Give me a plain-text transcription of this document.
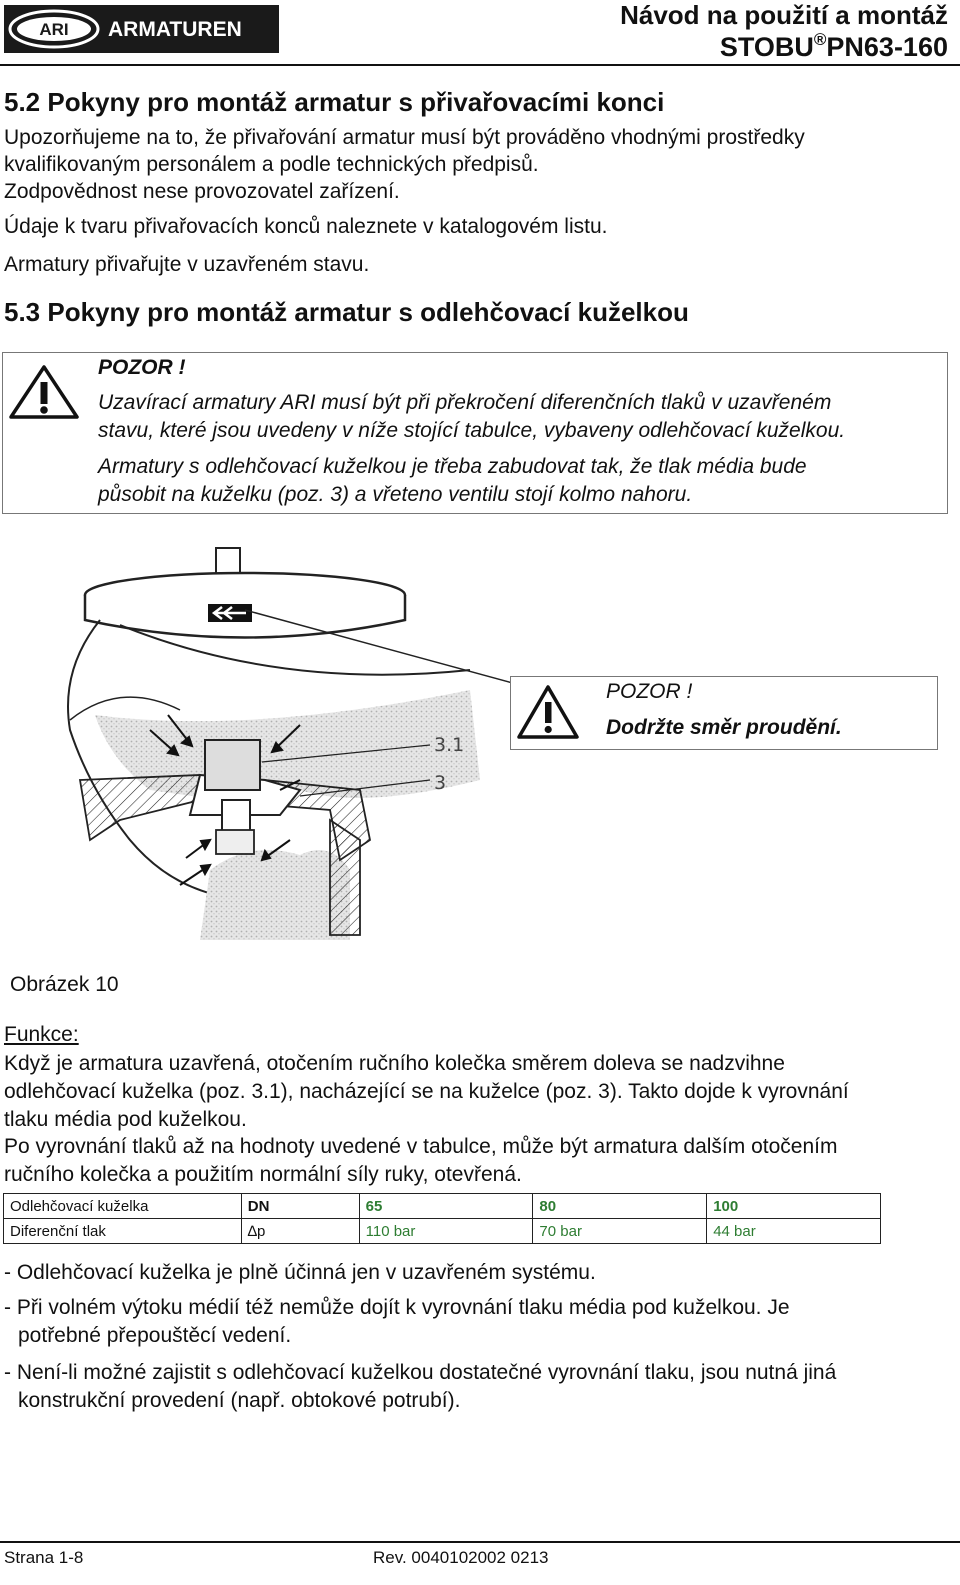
ARI ARMATUREN	Návod na použití a montáž
STOBU®PN63-160
5.2 Pokyny pro montáž armatur s přivařovacími konci

Upozorňujeme na to, že přivařování armatur musí být prováděno vhodnými prostředky

kvalifikovaným personálem a podle technických předpisů.

Zodpovědnost nese provozovatel zařízení.

Údaje k tvaru přivařovacích konců naleznete v katalogovém listu.

Armatury přivařujte v uzavřeném stavu.

5.3 Pokyny pro montáž armatur s odlehčovací kuželkou

POZOR !

Uzavírací armatury ARI musí být při překročení diferenčních tlaků v uzavřeném

stavu, které jsou uvedeny v níže stojící tabulce, vybaveny odlehčovací kuželkou.

Armatury s odlehčovací kuželkou je třeba zabudovat tak, že tlak média bude

působit na kuželku (poz. 3) a vřeteno ventilu stojí kolmo nahoru.

3.1
3

POZOR !

Dodržte směr proudění.

Obrázek 10

Funkce:

Když je armatura uzavřená, otočením ručního kolečka směrem doleva se nadzvihne

odlehčovací kuželka (poz. 3.1), nacházející se na kuželce (poz. 3). Takto dojde k vyrovnání

tlaku média pod kuželkou.

Po vyrovnání tlaků až na hodnoty uvedené v tabulce, může být armatura dalším otočením

ručního kolečka a použitím normální síly ruky, otevřená.

Odlehčovací kuželka	DN	65	80	100
Diferenční tlak	∆p	110 bar	70 bar	44 bar

- Odlehčovací kuželka je plně účinná jen v uzavřeném systému.

- Při volném výtoku médií též nemůže dojít k vyrovnání tlaku média pod kuželkou. Je

potřebné přepouštěcí vedení.

- Není-li možné zajistit s odlehčovací kuželkou dostatečné vyrovnání tlaku, jsou nutná jiná

konstrukční provedení (např. obtokové potrubí).

Strana 1-8	Rev. 0040102002 0213
